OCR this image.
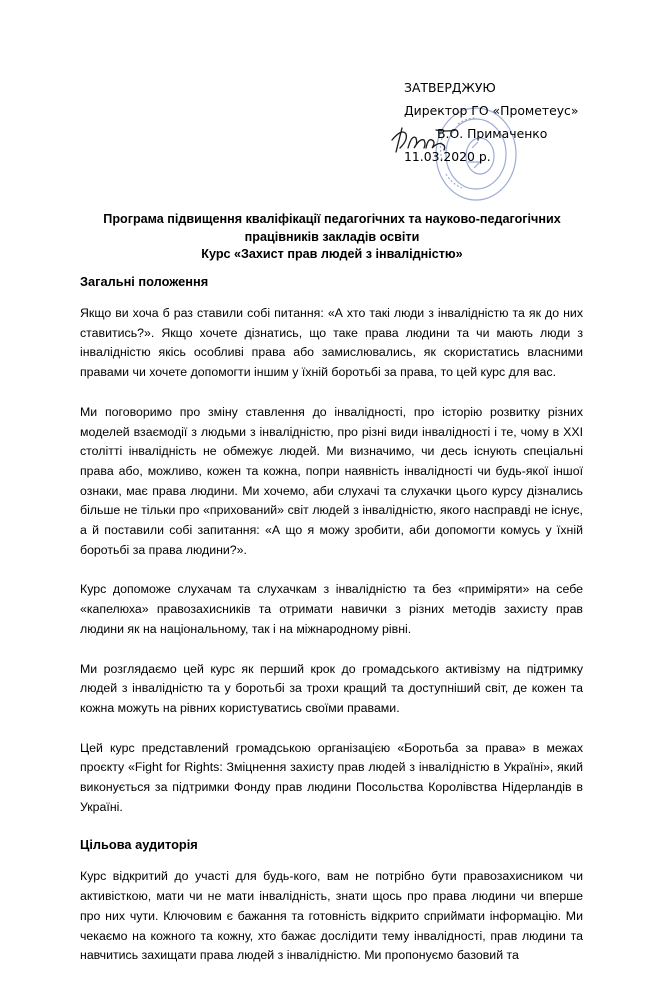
ЗАТВЕРДЖУЮ
Директор ГО «Прометеус»
В.О. Примаченко
11.03.2020 р.
Програма підвищення кваліфікації педагогічних та науково-педагогічних
працівників закладів освіти
Курс «Захист прав людей з інвалідністю»
Загальні положення

Якщо ви хоча б раз ставили собі питання: «А хто такі люди з інвалідністю та як до них ставитись?». Якщо хочете дізнатись, що таке права людини та чи мають люди з інвалідністю якісь особливі права або замислювались, як скористатись власними правами чи хочете допомогти іншим у їхній боротьбі за права, то цей курс для вас.

Ми поговоримо про зміну ставлення до інвалідності, про історію розвитку різних моделей взаємодії з людьми з інвалідністю, про різні види інвалідності і те, чому в XXI столітті інвалідність не обмежує людей. Ми визначимо, чи десь існують спеціальні права або, можливо, кожен та кожна, попри наявність інвалідності чи будь-якої іншої ознаки, має права людини. Ми хочемо, аби слухачі та слухачки цього курсу дізнались більше не тільки про «прихований» світ людей з інвалідністю, якого насправді не існує, а й поставили собі запитання: «А що я можу зробити, аби допомогти комусь у їхній боротьбі за права людини?».

Курс допоможе слухачам та слухачкам з інвалідністю та без «приміряти» на себе «капелюха» правозахисників та отримати навички з різних методів захисту прав людини як на національному, так і на міжнародному рівні.

Ми розглядаємо цей курс як перший крок до громадського активізму на підтримку людей з інвалідністю та у боротьбі за трохи кращий та доступніший світ, де кожен та кожна можуть на рівних користуватись своїми правами.

Цей курс представлений громадською організацією «Боротьба за права» в межах проєкту «Fight for Rights: Зміцнення захисту прав людей з інвалідністю в Україні», який виконується за підтримки Фонду прав людини Посольства Королівства Нідерландів в Україні.

Цільова аудиторія

Курс відкритий до участі для будь-кого, вам не потрібно бути правозахисником чи активісткою, мати чи не мати інвалідність, знати щось про права людини чи вперше про них чути. Ключовим є бажання та готовність відкрито сприймати інформацію. Ми чекаємо на кожного та кожну, хто бажає дослідити тему інвалідності, прав людини та навчитись захищати права людей з інвалідністю. Ми пропонуємо базовий та
